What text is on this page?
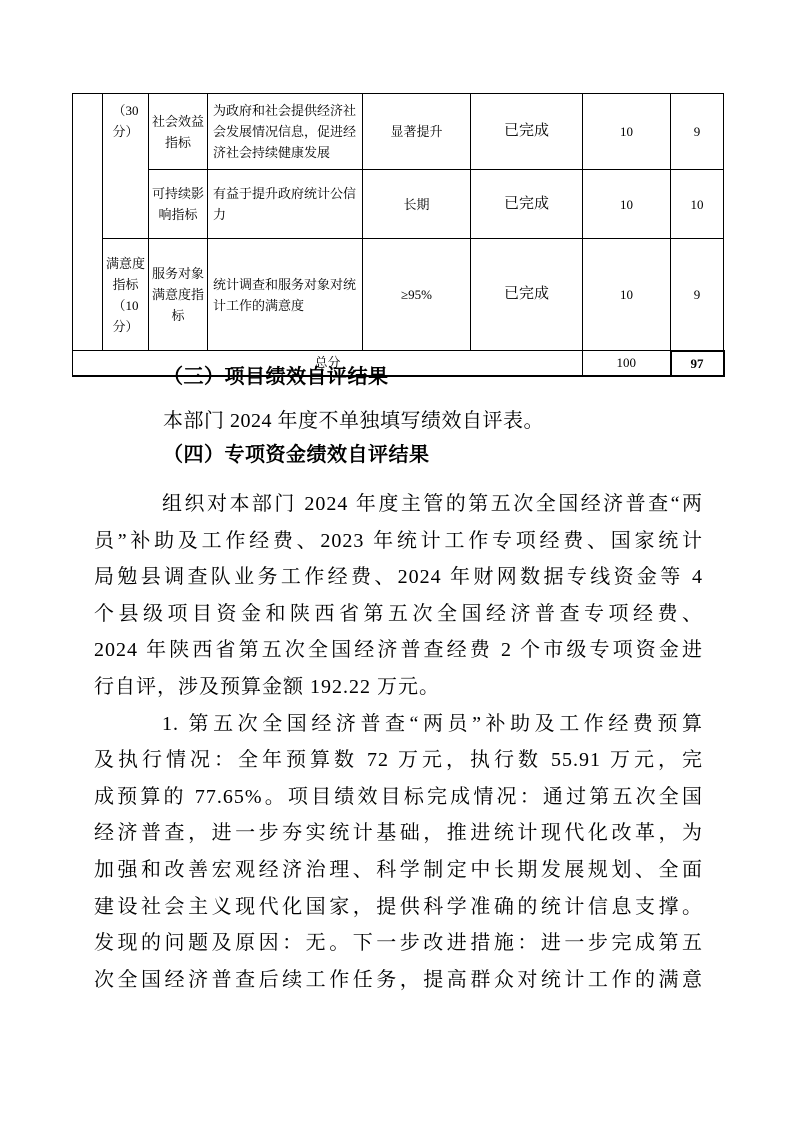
	（30 分）	社会效益指标	为政府和社会提供经济社会发展情况信息，促进经济社会持续健康发展	显著提升	已完成	10	9
		可持续影响指标	有益于提升政府统计公信力	长期	已完成	10	10
	满意度指标（10 分）	服务对象满意度指标	统计调查和服务对象对统计工作的满意度	≥95%	已完成	10	9
总分						100	97
（三）项目绩效自评结果
本部门 2024 年度不单独填写绩效自评表。
（四）专项资金绩效自评结果
组织对本部门 2024 年度主管的第五次全国经济普查“两
员”补助及工作经费、2023 年统计工作专项经费、国家统计
局勉县调查队业务工作经费、2024 年财网数据专线资金等 4
个县级项目资金和陕西省第五次全国经济普查专项经费、
2024 年陕西省第五次全国经济普查经费 2 个市级专项资金进
行自评，涉及预算金额 192.22 万元。
1. 第五次全国经济普查“两员”补助及工作经费预算
及执行情况：全年预算数 72 万元，执行数 55.91 万元，完
成预算的 77.65%。项目绩效目标完成情况：通过第五次全国
经济普查，进一步夯实统计基础，推进统计现代化改革，为
加强和改善宏观经济治理、科学制定中长期发展规划、全面
建设社会主义现代化国家，提供科学准确的统计信息支撑。
发现的问题及原因：无。下一步改进措施：进一步完成第五
次全国经济普查后续工作任务，提高群众对统计工作的满意
